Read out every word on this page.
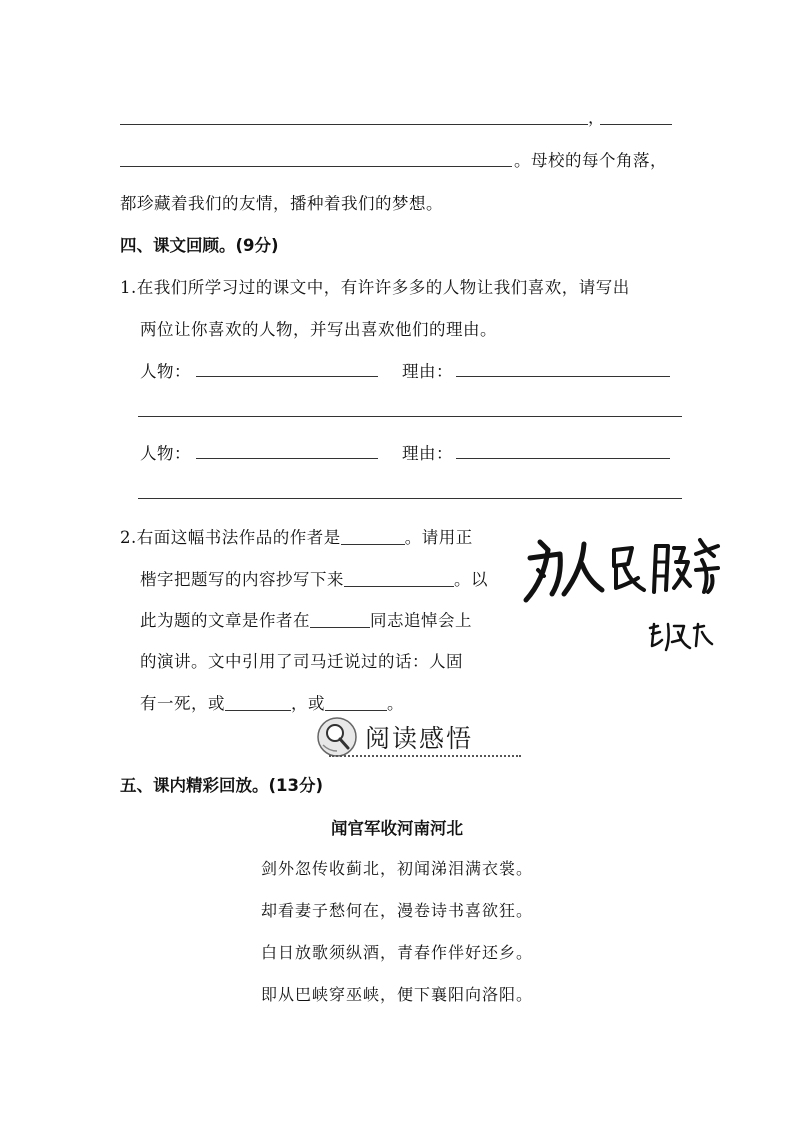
，
。母校的每个角落，
都珍藏着我们的友情，播种着我们的梦想。
四、课文回顾。(9分)
1.在我们所学习过的课文中，有许许多多的人物让我们喜欢，请写出
两位让你喜欢的人物，并写出喜欢他们的理由。
人物：	理由：
人物：	理由：
2.右面这幅书法作品的作者是	。请用正
楷字把题写的内容抄写下来	。以
此为题的文章是作者在	同志追悼会上
的演讲。文中引用了司马迁说过的话：人固
有一死，或	，或	。
阅读感悟
五、课内精彩回放。(13分)
闻官军收河南河北
剑外忽传收蓟北，初闻涕泪满衣裳。
却看妻子愁何在，漫卷诗书喜欲狂。
白日放歌须纵酒，青春作伴好还乡。
即从巴峡穿巫峡，便下襄阳向洛阳。
